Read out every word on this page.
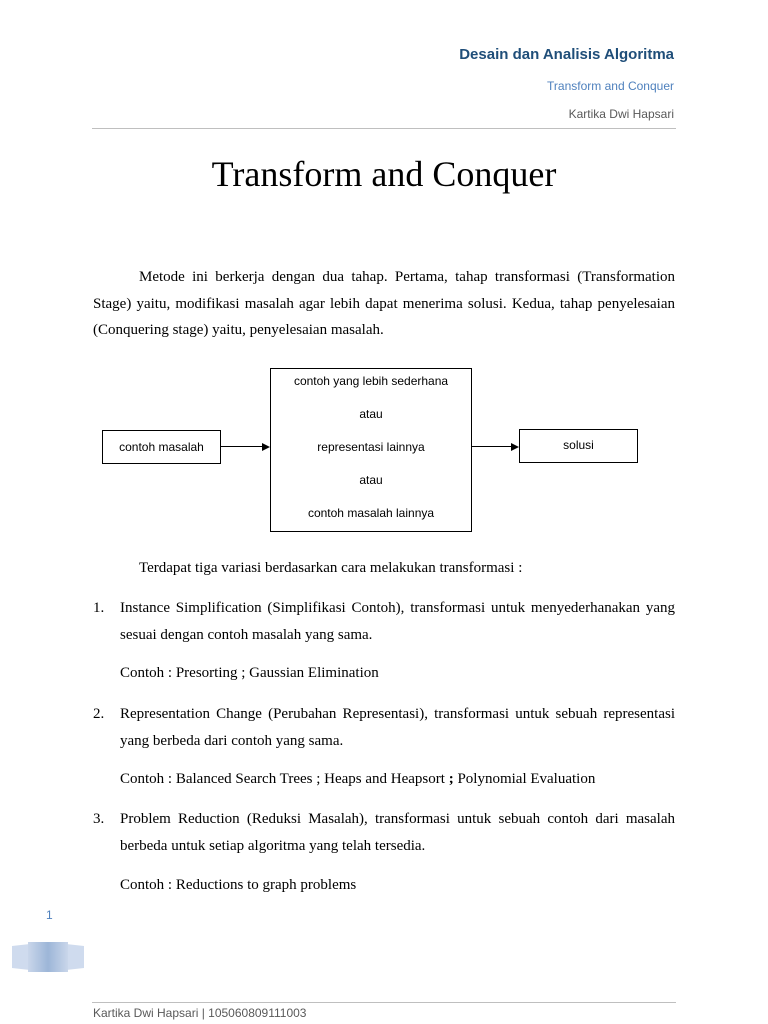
Desain dan Analisis Algoritma
Transform and Conquer
Kartika Dwi Hapsari
Transform and Conquer
Metode ini berkerja dengan dua tahap. Pertama, tahap transformasi (Transformation Stage) yaitu, modifikasi masalah agar lebih dapat menerima solusi. Kedua, tahap penyelesaian (Conquering stage) yaitu, penyelesaian masalah.
contoh masalah
contoh yang lebih sederhana
atau
representasi lainnya
atau
contoh masalah lainnya
solusi
Terdapat tiga variasi berdasarkan cara melakukan transformasi :
1. Instance Simplification (Simplifikasi Contoh), transformasi untuk menyederhanakan yang sesuai dengan contoh masalah yang sama.
Contoh : Presorting ; Gaussian Elimination
2. Representation Change (Perubahan Representasi), transformasi untuk sebuah representasi yang berbeda dari contoh yang sama.
Contoh : Balanced Search Trees ; Heaps and Heapsort ; Polynomial Evaluation
3. Problem Reduction (Reduksi Masalah), transformasi untuk sebuah contoh dari masalah berbeda untuk setiap algoritma yang telah tersedia.
Contoh : Reductions to graph problems
1
Kartika Dwi Hapsari | 105060809111003
